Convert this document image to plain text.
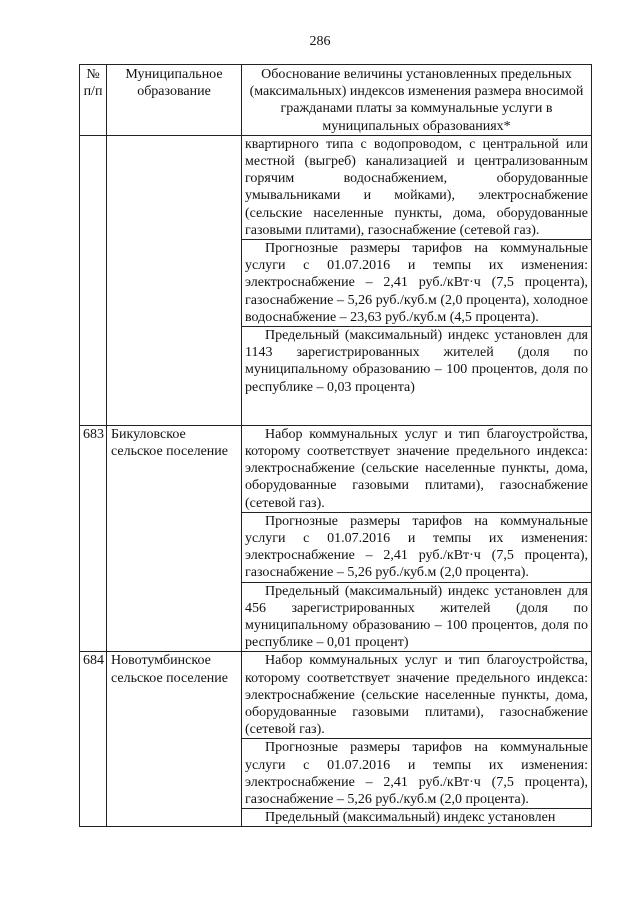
286
№ п/п	Муниципальное образование	Обоснование величины установленных предельных (максимальных) индексов изменения размера вносимой гражданами платы за коммунальные услуги в муниципальных образованиях*

		квартирного типа с водопроводом, с центральной или местной (выгреб) канализацией и централизованным горячим водоснабжением, оборудованные умывальниками и мойками), электроснабжение (сельские населенные пункты, дома, оборудованные газовыми плитами), газоснабжение (сетевой газ).
Прогнозные размеры тарифов на коммунальные услуги с 01.07.2016 и темпы их изменения: электроснабжение – 2,41 руб./кВт·ч (7,5 процента), газоснабжение – 5,26 руб./куб.м (2,0 процента), холодное водоснабжение – 23,63 руб./куб.м (4,5 процента).
Предельный (максимальный) индекс установлен для 1143 зарегистрированных жителей (доля по муниципальному образованию – 100 процентов, доля по республике – 0,03 процента)

683	Бикуловское сельское поселение	Набор коммунальных услуг и тип благоустройства, которому соответствует значение предельного индекса: электроснабжение (сельские населенные пункты, дома, оборудованные газовыми плитами), газоснабжение (сетевой газ).
Прогнозные размеры тарифов на коммунальные услуги с 01.07.2016 и темпы их изменения: электроснабжение – 2,41 руб./кВт·ч (7,5 процента), газоснабжение – 5,26 руб./куб.м (2,0 процента).
Предельный (максимальный) индекс установлен для 456 зарегистрированных жителей (доля по муниципальному образованию – 100 процентов, доля по республике – 0,01 процент)

684	Новотумбинское сельское поселение	Набор коммунальных услуг и тип благоустройства, которому соответствует значение предельного индекса: электроснабжение (сельские населенные пункты, дома, оборудованные газовыми плитами), газоснабжение (сетевой газ).
Прогнозные размеры тарифов на коммунальные услуги с 01.07.2016 и темпы их изменения: электроснабжение – 2,41 руб./кВт·ч (7,5 процента), газоснабжение – 5,26 руб./куб.м (2,0 процента).
Предельный (максимальный) индекс установлен
